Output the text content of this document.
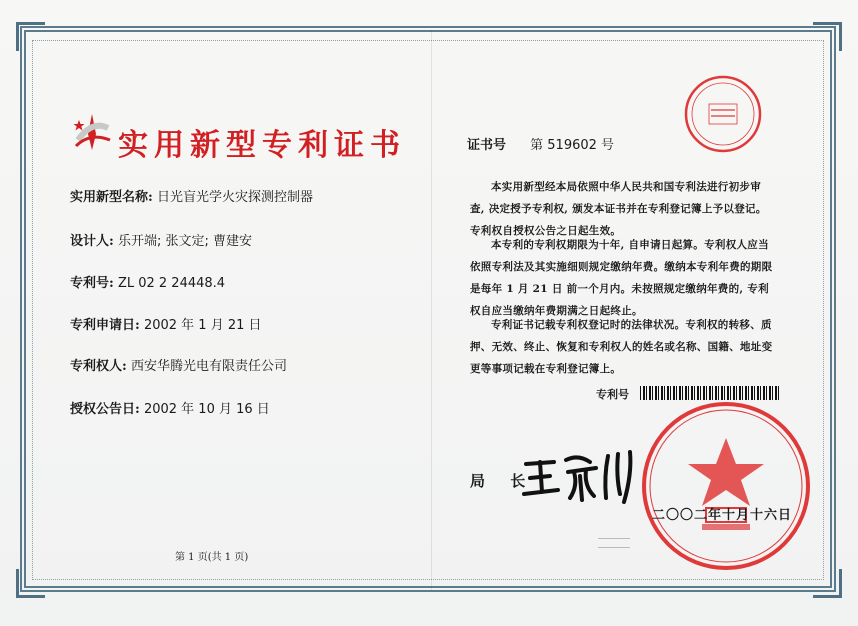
实用新型专利证书
实用新型名称: 日光盲光学火灾探测控制器
设计人: 乐开端; 张文定; 曹建安
专利号: ZL 02 2 24448.4
专利申请日: 2002 年 1 月 21 日
专利权人: 西安华腾光电有限责任公司
授权公告日: 2002 年 10 月 16 日
第 1 页(共 1 页)
证书号 第 519602 号

本实用新型经本局依照中华人民共和国专利法进行初步审查, 决定授予专利权, 颁发本证书并在专利登记簿上予以登记。专利权自授权公告之日起生效。

本专利的专利权期限为十年, 自申请日起算。专利权人应当依照专利法及其实施细则规定缴纳年费。缴纳本专利年费的期限是每年 1 月 21 日 前一个月内。未按照规定缴纳年费的, 专利权自应当缴纳年费期满之日起终止。

专利证书记载专利权登记时的法律状况。专利权的转移、质押、无效、终止、恢复和专利权人的姓名或名称、国籍、地址变更等事项记载在专利登记簿上。

专利号
局 长
二〇〇二年十月十六日
